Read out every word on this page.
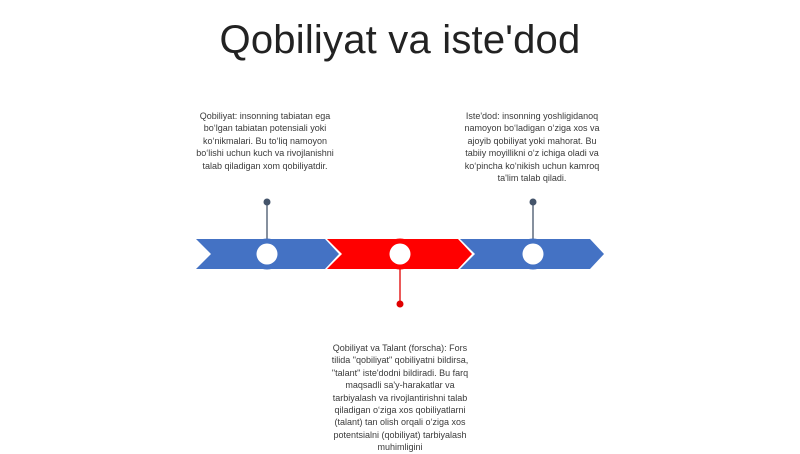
Qobiliyat va iste'dod
Qobiliyat: insonning tabiatan ega bo‘lgan tabiatan potensiali yoki ko‘nikmalari. Bu to‘liq namoyon bo‘lishi uchun kuch va rivojlanishni talab qiladigan xom qobiliyatdir.
Iste'dod: insonning yoshligidanoq namoyon bo‘ladigan o‘ziga xos va ajoyib qobiliyat yoki mahorat. Bu tabiiy moyillikni o‘z ichiga oladi va ko‘pincha ko‘nikish uchun kamroq ta'lim talab qiladi.
Qobiliyat va Talant (forscha): Fors tilida "qobiliyat" qobiliyatni bildirsa, "talant" iste'dodni bildiradi. Bu farq maqsadli sa'y-harakatlar va tarbiyalash va rivojlantirishni talab qiladigan o‘ziga xos qobiliyatlarni (talant) tan olish orqali o‘ziga xos potentsialni (qobiliyat) tarbiyalash muhimligini
